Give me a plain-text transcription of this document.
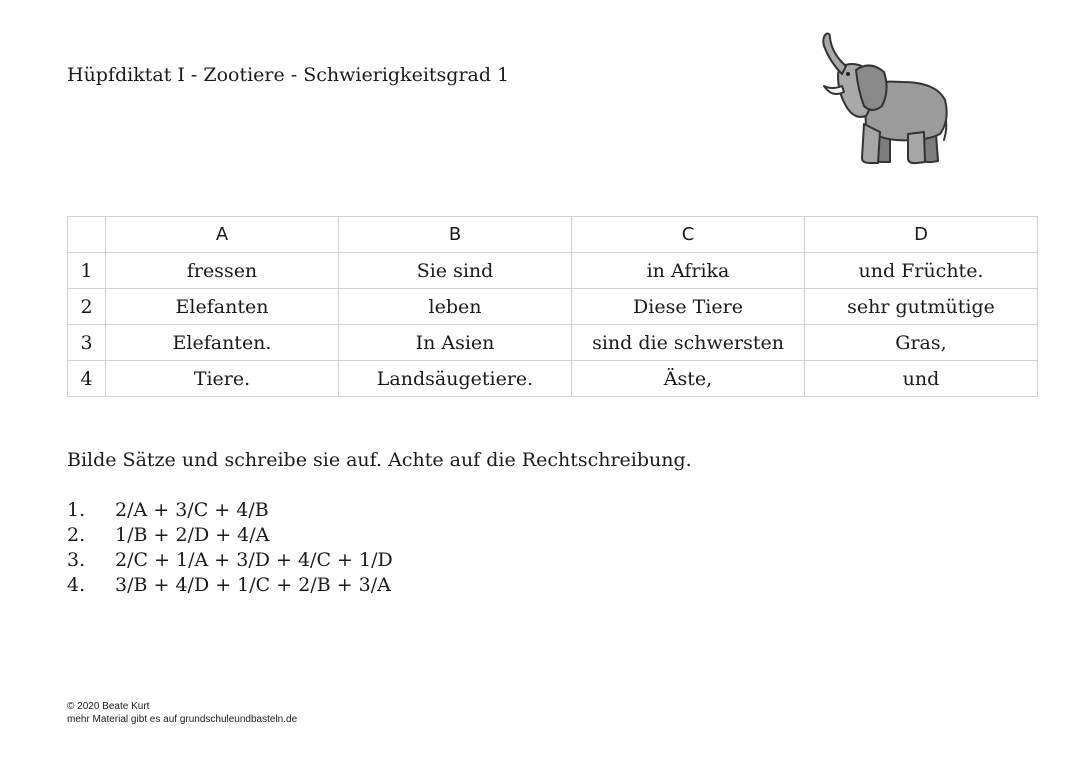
Hüpfdiktat I - Zootiere - Schwierigkeitsgrad 1
	A	B	C	D
1	fressen	Sie sind	in Afrika	und Früchte.
2	Elefanten	leben	Diese Tiere	sehr gutmütige
3	Elefanten.	In Asien	sind die schwersten	Gras,
4	Tiere.	Landsäugetiere.	Äste,	und

Bilde Sätze und schreibe sie auf. Achte auf die Rechtschreibung.

1.	2/A + 3/C + 4/B
2.	1/B + 2/D + 4/A
3.	2/C + 1/A + 3/D + 4/C + 1/D
4.	3/B + 4/D + 1/C + 2/B + 3/A
© 2020 Beate Kurt
mehr Material gibt es auf grundschuleundbasteln.de
